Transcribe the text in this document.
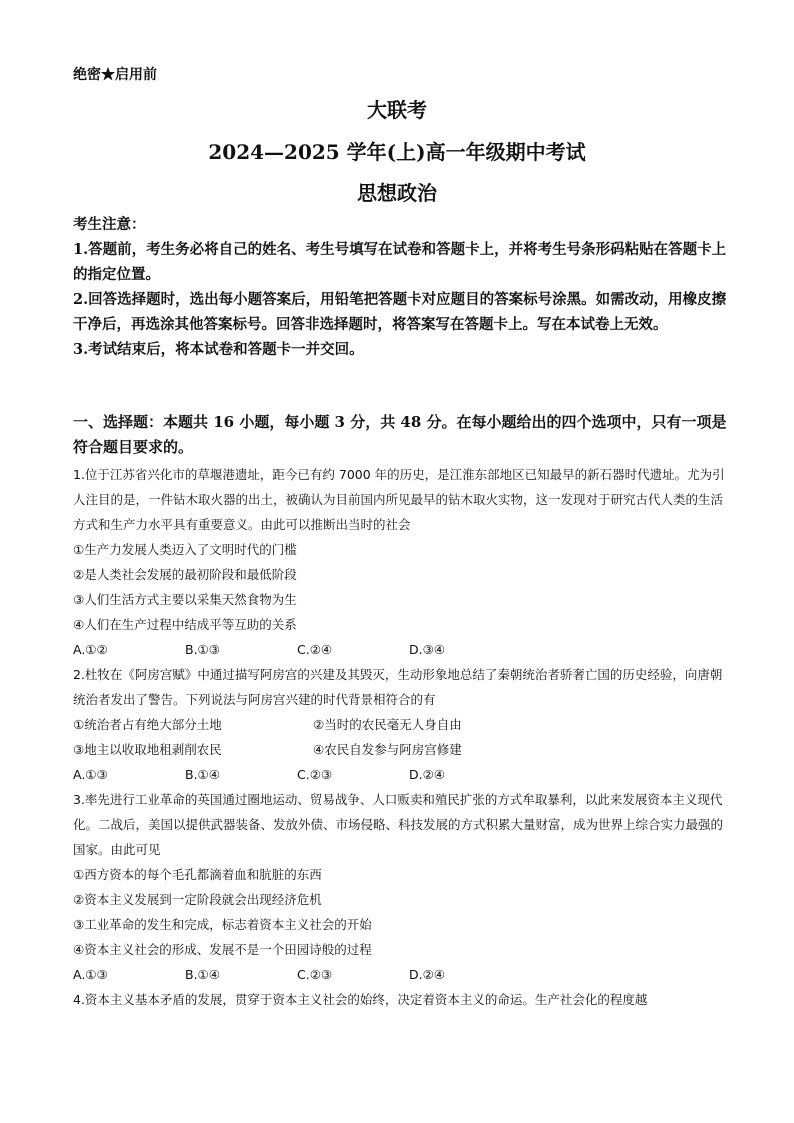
绝密★启用前
大联考
2024—2025 学年(上)高一年级期中考试
思想政治

考生注意：

1.答题前，考生务必将自己的姓名、考生号填写在试卷和答题卡上，并将考生号条形码粘贴在答题卡上的指定位置。

2.回答选择题时，选出每小题答案后，用铅笔把答题卡对应题目的答案标号涂黑。如需改动，用橡皮擦干净后，再选涂其他答案标号。回答非选择题时，将答案写在答题卡上。写在本试卷上无效。

3.考试结束后，将本试卷和答题卡一并交回。

一、选择题：本题共 16 小题，每小题 3 分，共 48 分。在每小题给出的四个选项中，只有一项是符合题目要求的。

1.位于江苏省兴化市的草堰港遗址，距今已有约 7000 年的历史，是江淮东部地区已知最早的新石器时代遗址。尤为引人注目的是，一件钻木取火器的出土，被确认为目前国内所见最早的钻木取火实物，这一发现对于研究古代人类的生活方式和生产力水平具有重要意义。由此可以推断出当时的社会

①生产力发展人类迈入了文明时代的门槛

②是人类社会发展的最初阶段和最低阶段

③人们生活方式主要以采集天然食物为生

④人们在生产过程中结成平等互助的关系

A.①②	B.①③	C.②④	D.③④

2.杜牧在《阿房宫赋》中通过描写阿房宫的兴建及其毁灭，生动形象地总结了秦朝统治者骄奢亡国的历史经验，向唐朝统治者发出了警告。下列说法与阿房宫兴建的时代背景相符合的有

①统治者占有绝大部分土地	②当时的农民毫无人身自由
③地主以收取地租剥削农民	④农民自发参与阿房宫修建
A.①③	B.①④	C.②③	D.②④

3.率先进行工业革命的英国通过圈地运动、贸易战争、人口贩卖和殖民扩张的方式牟取暴利，以此来发展资本主义现代化。二战后，美国以提供武器装备、发放外债、市场侵略、科技发展的方式积累大量财富，成为世界上综合实力最强的国家。由此可见

①西方资本的每个毛孔都滴着血和肮脏的东西

②资本主义发展到一定阶段就会出现经济危机

③工业革命的发生和完成，标志着资本主义社会的开始

④资本主义社会的形成、发展不是一个田园诗般的过程

A.①③	B.①④	C.②③	D.②④

4.资本主义基本矛盾的发展，贯穿于资本主义社会的始终，决定着资本主义的命运。生产社会化的程度越
